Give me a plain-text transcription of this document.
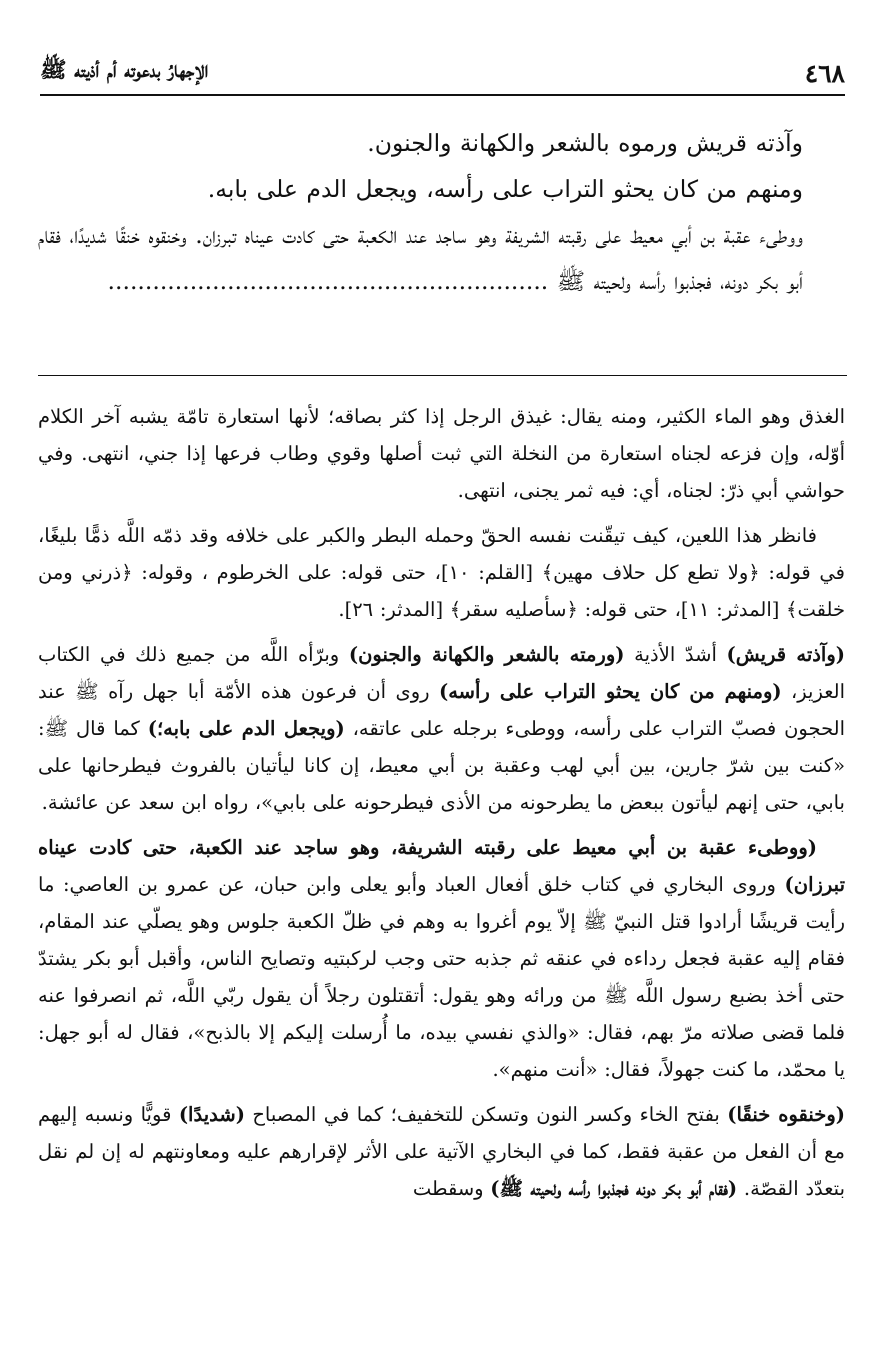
الإجهارُ بدعوته أم أذيته ﷺ	٤٦٨

وآذته قريش ورموه بالشعر والكهانة والجنون.

ومنهم من كان يحثو التراب على رأسه، ويجعل الدم على بابه.

ووطىء عقبة بن أبي معيط على رقبته الشريفة وهو ساجد عند الكعبة حتى كادت عيناه تبرزان. وخنقوه خنقًا شديدًا، فقام أبو بكر دونه، فجذبوا رأسه ولحيته ﷺ ...........................................................

الغذق وهو الماء الكثير، ومنه يقال: غيذق الرجل إذا كثر بصاقه؛ لأنها استعارة تامّة يشبه آخر الكلام أوّله، وإن فزعه لجناه استعارة من النخلة التي ثبت أصلها وقوي وطاب فرعها إذا جني، انتهى. وفي حواشي أبي ذرّ: لجناه، أي: فيه ثمر يجنى، انتهى.

فانظر هذا اللعين، كيف تيقّنت نفسه الحقّ وحمله البطر والكبر على خلافه وقد ذمّه اللَّه ذمًّا بليغًا، في قوله: ﴿ولا تطع كل حلاف مهين﴾ [القلم: ١٠]، حتى قوله: على الخرطوم ، وقوله: ﴿ذرني ومن خلقت﴾ [المدثر: ١١]، حتى قوله: ﴿سأصليه سقر﴾ [المدثر: ٢٦].

(وآذته قريش) أشدّ الأذية (ورمته بالشعر والكهانة والجنون) وبرّأه اللَّه من جميع ذلك في الكتاب العزيز، (ومنهم من كان يحثو التراب على رأسه) روى أن فرعون هذه الأمّة أبا جهل رآه ﷺ عند الحجون فصبّ التراب على رأسه، ووطىء برجله على عاتقه، (ويجعل الدم على بابه؛) كما قال ﷺ: «كنت بين شرّ جارين، بين أبي لهب وعقبة بن أبي معيط، إن كانا ليأتيان بالفروث فيطرحانها على بابي، حتى إنهم ليأتون ببعض ما يطرحونه من الأذى فيطرحونه على بابي»، رواه ابن سعد عن عائشة.

(ووطىء عقبة بن أبي معيط على رقبته الشريفة، وهو ساجد عند الكعبة، حتى كادت عيناه تبرزان) وروى البخاري في كتاب خلق أفعال العباد وأبو يعلى وابن حبان، عن عمرو بن العاصي: ما رأيت قريشًا أرادوا قتل النبيّ ﷺ إلاّ يوم أغروا به وهم في ظلّ الكعبة جلوس وهو يصلّي عند المقام، فقام إليه عقبة فجعل رداءه في عنقه ثم جذبه حتى وجب لركبتيه وتصايح الناس، وأقبل أبو بكر يشتدّ حتى أخذ بضبع رسول اللَّه ﷺ من ورائه وهو يقول: أتقتلون رجلاً أن يقول ربّي اللَّه، ثم انصرفوا عنه فلما قضى صلاته مرّ بهم، فقال: «والذي نفسي بيده، ما أُرسلت إليكم إلا بالذبح»، فقال له أبو جهل: يا محمّد، ما كنت جهولاً، فقال: «أنت منهم».

(وخنقوه خنقًا) بفتح الخاء وكسر النون وتسكن للتخفيف؛ كما في المصباح (شديدًا) قويًّا ونسبه إليهم مع أن الفعل من عقبة فقط، كما في البخاري الآتية على الأثر لإقرارهم عليه ومعاونتهم له إن لم نقل بتعدّد القصّة. (فقام أبو بكر دونه فجذبوا رأسه ولحيته ﷺ) وسقطت
